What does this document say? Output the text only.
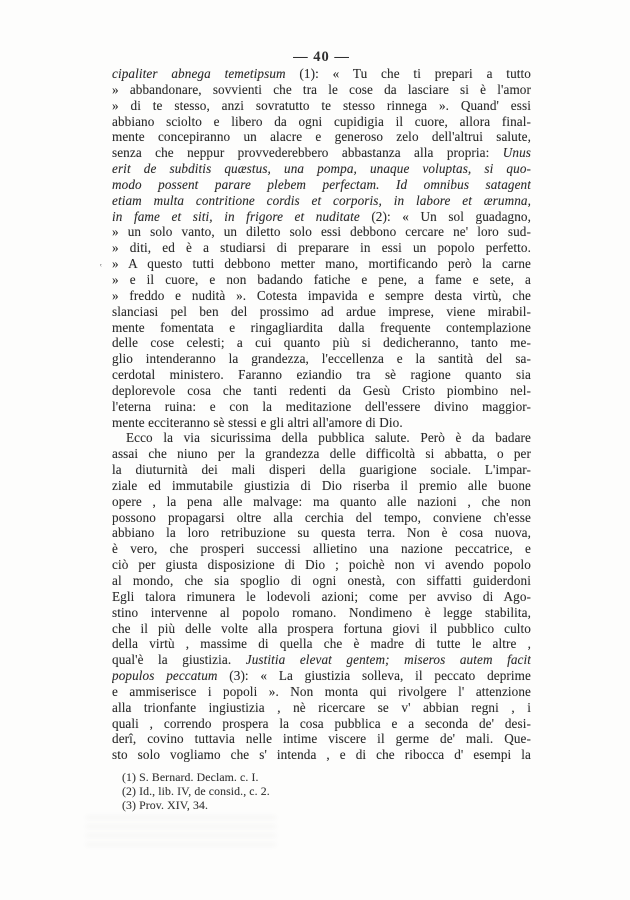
— 40 —
cipaliter abnega temetipsum (1): « Tu che ti prepari a tutto
» abbandonare, sovvienti che tra le cose da lasciare si è l'amor
» di te stesso, anzi sovratutto te stesso rinnega ». Quand' essi
abbiano sciolto e libero da ogni cupidigia il cuore, allora final-
mente concepiranno un alacre e generoso zelo dell'altrui salute,
senza che neppur provvederebbero abbastanza alla propria: Unus
erit de subditis quæstus, una pompa, unaque voluptas, si quo-
modo possent parare plebem perfectam. Id omnibus satagent
etiam multa contritione cordis et corporis, in labore et ærumna,
in fame et siti, in frigore et nuditate (2): « Un sol guadagno,
» un solo vanto, un diletto solo essi debbono cercare ne' loro sud-
» diti, ed è a studiarsi di preparare in essi un popolo perfetto.
» A questo tutti debbono metter mano, mortificando però la carne
» e il cuore, e non badando fatiche e pene, a fame e sete, a
» freddo e nudità ». Cotesta impavida e sempre desta virtù, che
slanciasi pel ben del prossimo ad ardue imprese, viene mirabil-
mente fomentata e ringagliardita dalla frequente contemplazione
delle cose celesti; a cui quanto più si dedicheranno, tanto me-
glio intenderanno la grandezza, l'eccellenza e la santità del sa-
cerdotal ministero. Faranno eziandio tra sè ragione quanto sia
deplorevole cosa che tanti redenti da Gesù Cristo piombino nel-
l'eterna ruina: e con la meditazione dell'essere divino maggior-
mente ecciteranno sè stessi e gli altri all'amore di Dio.
Ecco la via sicurissima della pubblica salute. Però è da badare
assai che niuno per la grandezza delle difficoltà si abbatta, o per
la diuturnità dei mali disperi della guarigione sociale. L'impar-
ziale ed immutabile giustizia di Dio riserba il premio alle buone
opere , la pena alle malvage: ma quanto alle nazioni , che non
possono propagarsi oltre alla cerchia del tempo, conviene ch'esse
abbiano la loro retribuzione su questa terra. Non è cosa nuova,
è vero, che prosperi successi allietino una nazione peccatrice, e
ciò per giusta disposizione di Dio ; poichè non vi avendo popolo
al mondo, che sia spoglio di ogni onestà, con siffatti guiderdoni
Egli talora rimunera le lodevoli azioni; come per avviso di Ago-
stino intervenne al popolo romano. Nondimeno è legge stabilita,
che il più delle volte alla prospera fortuna giovi il pubblico culto
della virtù , massime di quella che è madre di tutte le altre ,
qual'è la giustizia. Justitia elevat gentem; miseros autem facit
populos peccatum (3): « La giustizia solleva, il peccato deprime
e ammiserisce i popoli ». Non monta qui rivolgere l' attenzione
alla trionfante ingiustizia , nè ricercare se v' abbian regni , i
quali , correndo prospera la cosa pubblica e a seconda de' desi-
derî, covino tuttavia nelle intime viscere il germe de' mali. Que-
sto solo vogliamo che s' intenda , e di che ribocca d' esempi la
(1) S. Bernard. Declam. c. I.
(2) Id., lib. IV, de consid., c. 2.
(3) Prov. XIV, 34.
‛
